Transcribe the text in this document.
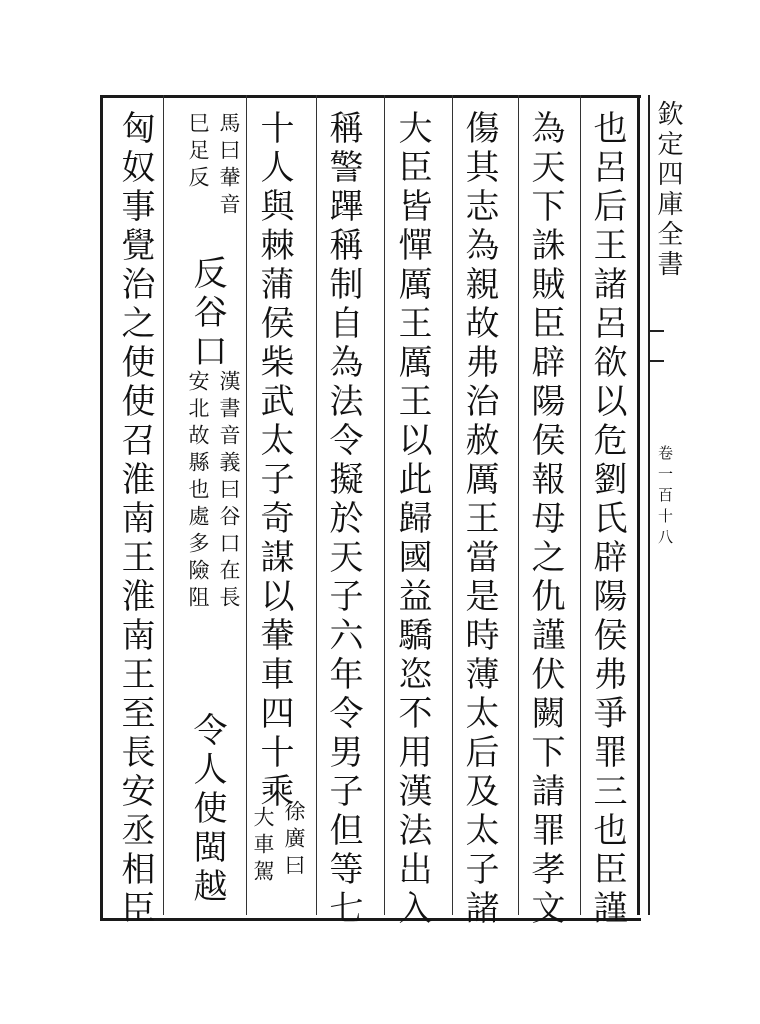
欽定四庫全書
卷一百十八
也呂后王諸呂欲以危劉氏辟陽侯弗爭罪三也臣謹
為天下誅賊臣辟陽侯報母之仇謹伏闕下請罪孝文
傷其志為親故弗治赦厲王當是時薄太后及太子諸
大臣皆憚厲王厲王以此歸國益驕恣不用漢法出入
稱警蹕稱制自為法令擬於天子六年令男子但等七
十人與棘蒲侯柴武太子奇謀以輂車四十乘
徐廣曰
大車駕
馬曰輂音
巳足反
反谷口
漢書音義曰谷口在長
安北故縣也處多險阻
令人使閩越
匈奴事覺治之使使召淮南王淮南王至長安丞相臣
